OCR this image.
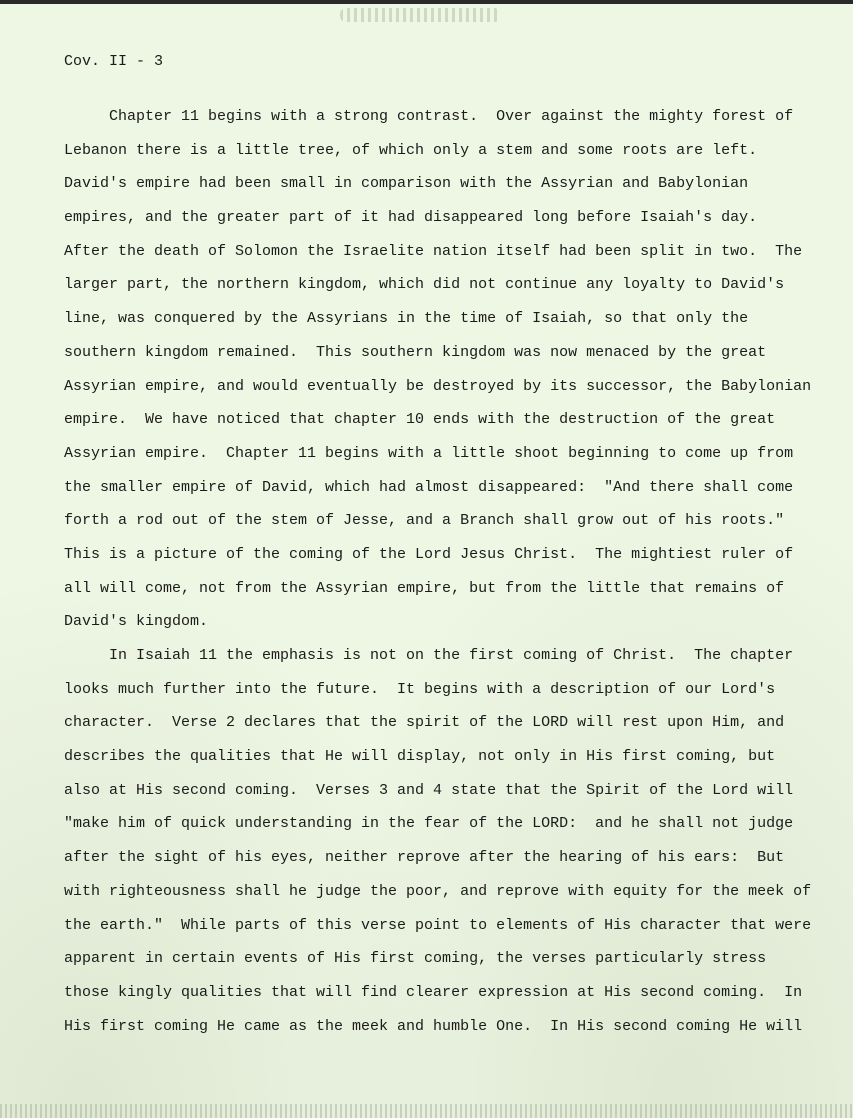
Cov. II - 3

Chapter 11 begins with a strong contrast.  Over against the mighty forest of

Lebanon there is a little tree, of which only a stem and some roots are left.

David's empire had been small in comparison with the Assyrian and Babylonian

empires, and the greater part of it had disappeared long before Isaiah's day.

After the death of Solomon the Israelite nation itself had been split in two.  The

larger part, the northern kingdom, which did not continue any loyalty to David's

line, was conquered by the Assyrians in the time of Isaiah, so that only the

southern kingdom remained.  This southern kingdom was now menaced by the great

Assyrian empire, and would eventually be destroyed by its successor, the Babylonian

empire.  We have noticed that chapter 10 ends with the destruction of the great

Assyrian empire.  Chapter 11 begins with a little shoot beginning to come up from

the smaller empire of David, which had almost disappeared:  "And there shall come

forth a rod out of the stem of Jesse, and a Branch shall grow out of his roots."

This is a picture of the coming of the Lord Jesus Christ.  The mightiest ruler of

all will come, not from the Assyrian empire, but from the little that remains of

David's kingdom.

In Isaiah 11 the emphasis is not on the first coming of Christ.  The chapter

looks much further into the future.  It begins with a description of our Lord's

character.  Verse 2 declares that the spirit of the LORD will rest upon Him, and

describes the qualities that He will display, not only in His first coming, but

also at His second coming.  Verses 3 and 4 state that the Spirit of the Lord will

"make him of quick understanding in the fear of the LORD:  and he shall not judge

after the sight of his eyes, neither reprove after the hearing of his ears:  But

with righteousness shall he judge the poor, and reprove with equity for the meek of

the earth."  While parts of this verse point to elements of His character that were

apparent in certain events of His first coming, the verses particularly stress

those kingly qualities that will find clearer expression at His second coming.  In

His first coming He came as the meek and humble One.  In His second coming He will
